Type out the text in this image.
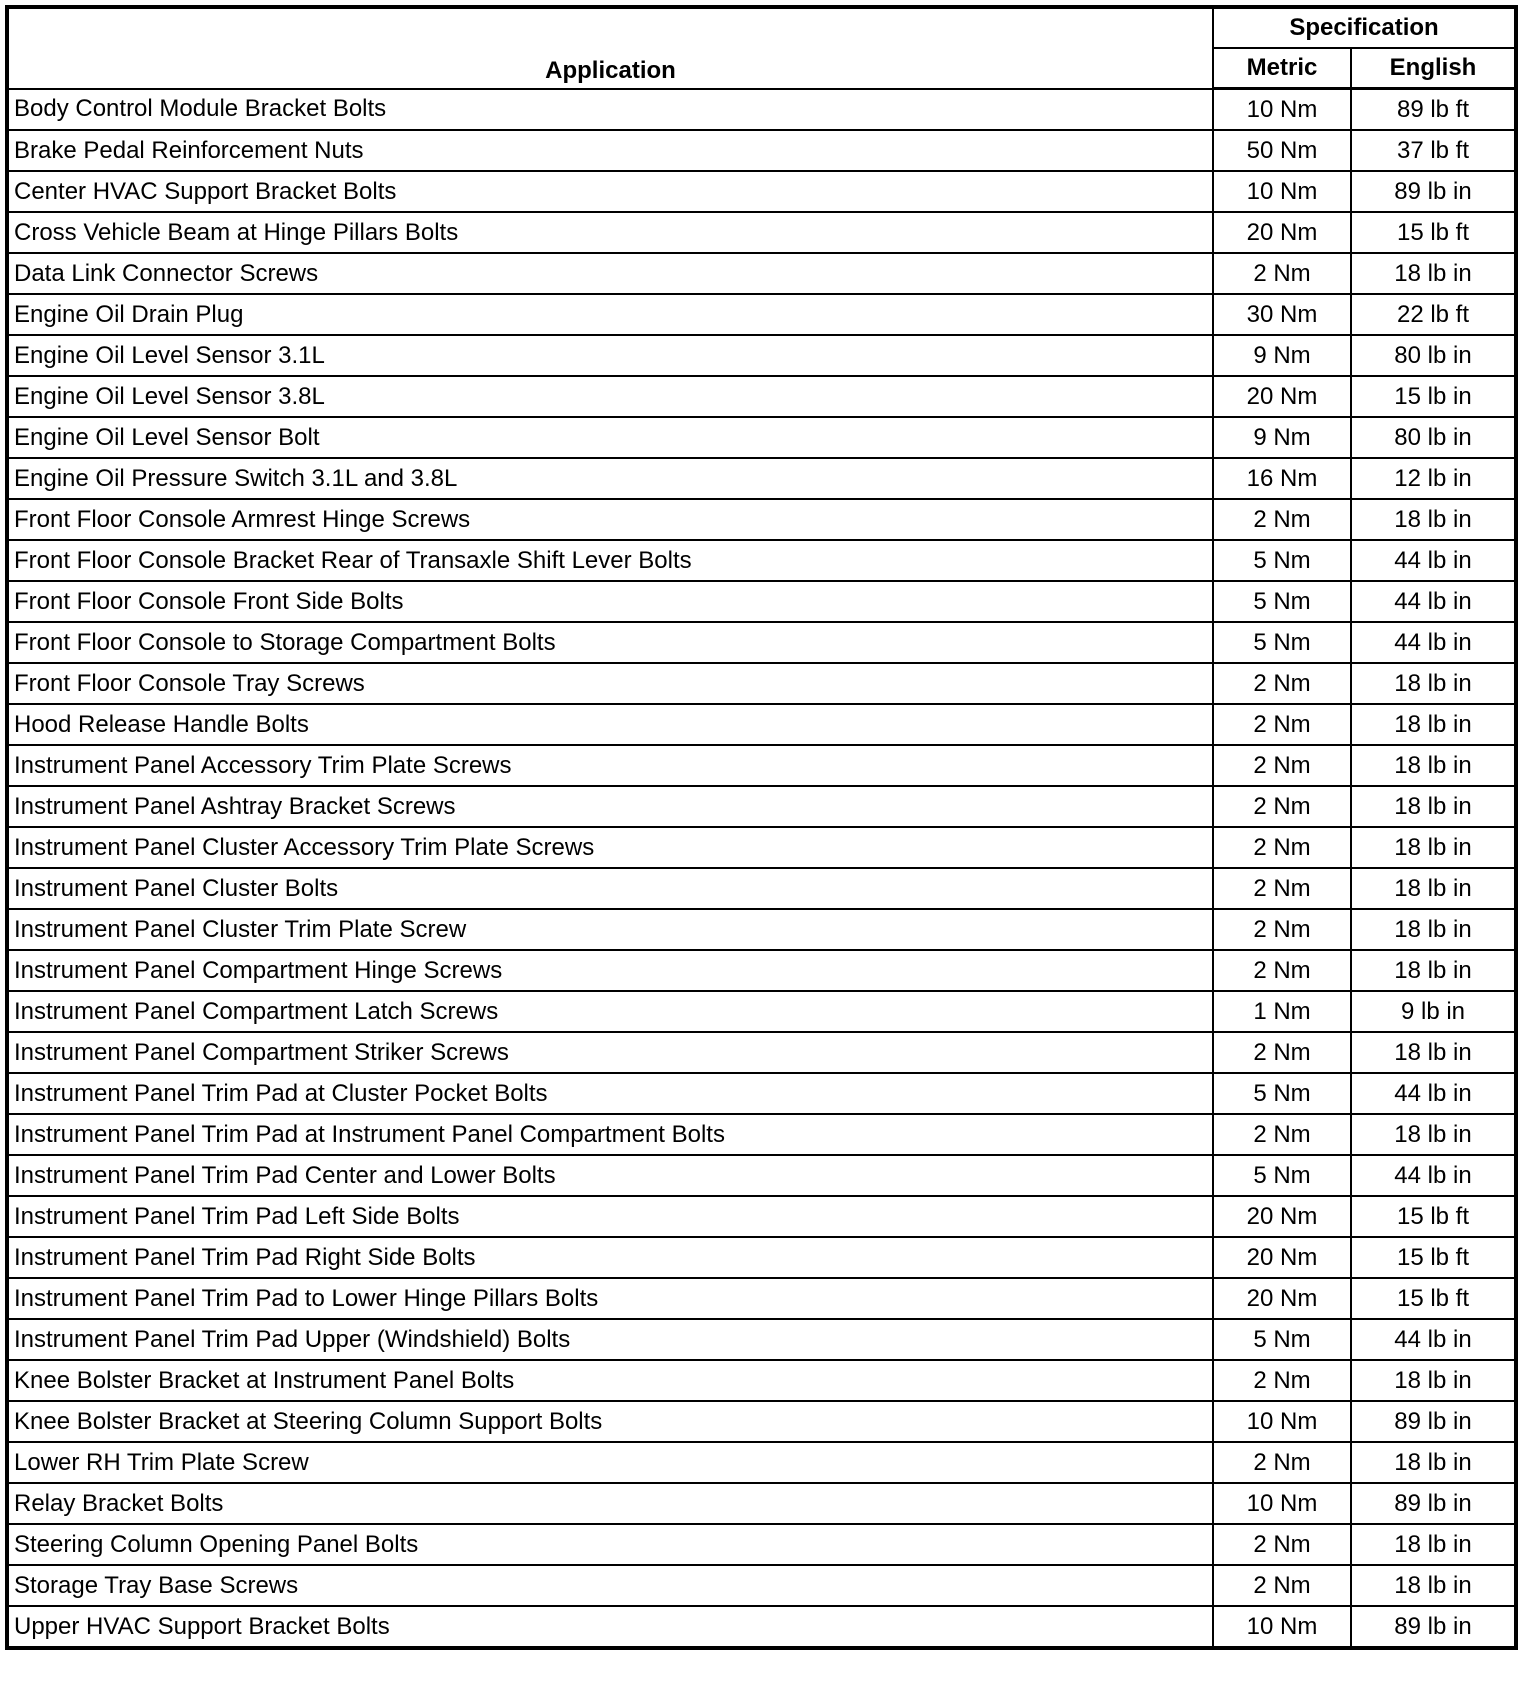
Application	Specification	
	Metric	English
Body Control Module Bracket Bolts	10 Nm	89 lb ft
Brake Pedal Reinforcement Nuts	50 Nm	37 lb ft
Center HVAC Support Bracket Bolts	10 Nm	89 lb in
Cross Vehicle Beam at Hinge Pillars Bolts	20 Nm	15 lb ft
Data Link Connector Screws	2 Nm	18 lb in
Engine Oil Drain Plug	30 Nm	22 lb ft
Engine Oil Level Sensor 3.1L	9 Nm	80 lb in
Engine Oil Level Sensor 3.8L	20 Nm	15 lb in
Engine Oil Level Sensor Bolt	9 Nm	80 lb in
Engine Oil Pressure Switch 3.1L and 3.8L	16 Nm	12 lb in
Front Floor Console Armrest Hinge Screws	2 Nm	18 lb in
Front Floor Console Bracket Rear of Transaxle Shift Lever Bolts	5 Nm	44 lb in
Front Floor Console Front Side Bolts	5 Nm	44 lb in
Front Floor Console to Storage Compartment Bolts	5 Nm	44 lb in
Front Floor Console Tray Screws	2 Nm	18 lb in
Hood Release Handle Bolts	2 Nm	18 lb in
Instrument Panel Accessory Trim Plate Screws	2 Nm	18 lb in
Instrument Panel Ashtray Bracket Screws	2 Nm	18 lb in
Instrument Panel Cluster Accessory Trim Plate Screws	2 Nm	18 lb in
Instrument Panel Cluster Bolts	2 Nm	18 lb in
Instrument Panel Cluster Trim Plate Screw	2 Nm	18 lb in
Instrument Panel Compartment Hinge Screws	2 Nm	18 lb in
Instrument Panel Compartment Latch Screws	1 Nm	9 lb in
Instrument Panel Compartment Striker Screws	2 Nm	18 lb in
Instrument Panel Trim Pad at Cluster Pocket Bolts	5 Nm	44 lb in
Instrument Panel Trim Pad at Instrument Panel Compartment Bolts	2 Nm	18 lb in
Instrument Panel Trim Pad Center and Lower Bolts	5 Nm	44 lb in
Instrument Panel Trim Pad Left Side Bolts	20 Nm	15 lb ft
Instrument Panel Trim Pad Right Side Bolts	20 Nm	15 lb ft
Instrument Panel Trim Pad to Lower Hinge Pillars Bolts	20 Nm	15 lb ft
Instrument Panel Trim Pad Upper (Windshield) Bolts	5 Nm	44 lb in
Knee Bolster Bracket at Instrument Panel Bolts	2 Nm	18 lb in
Knee Bolster Bracket at Steering Column Support Bolts	10 Nm	89 lb in
Lower RH Trim Plate Screw	2 Nm	18 lb in
Relay Bracket Bolts	10 Nm	89 lb in
Steering Column Opening Panel Bolts	2 Nm	18 lb in
Storage Tray Base Screws	2 Nm	18 lb in
Upper HVAC Support Bracket Bolts	10 Nm	89 lb in
